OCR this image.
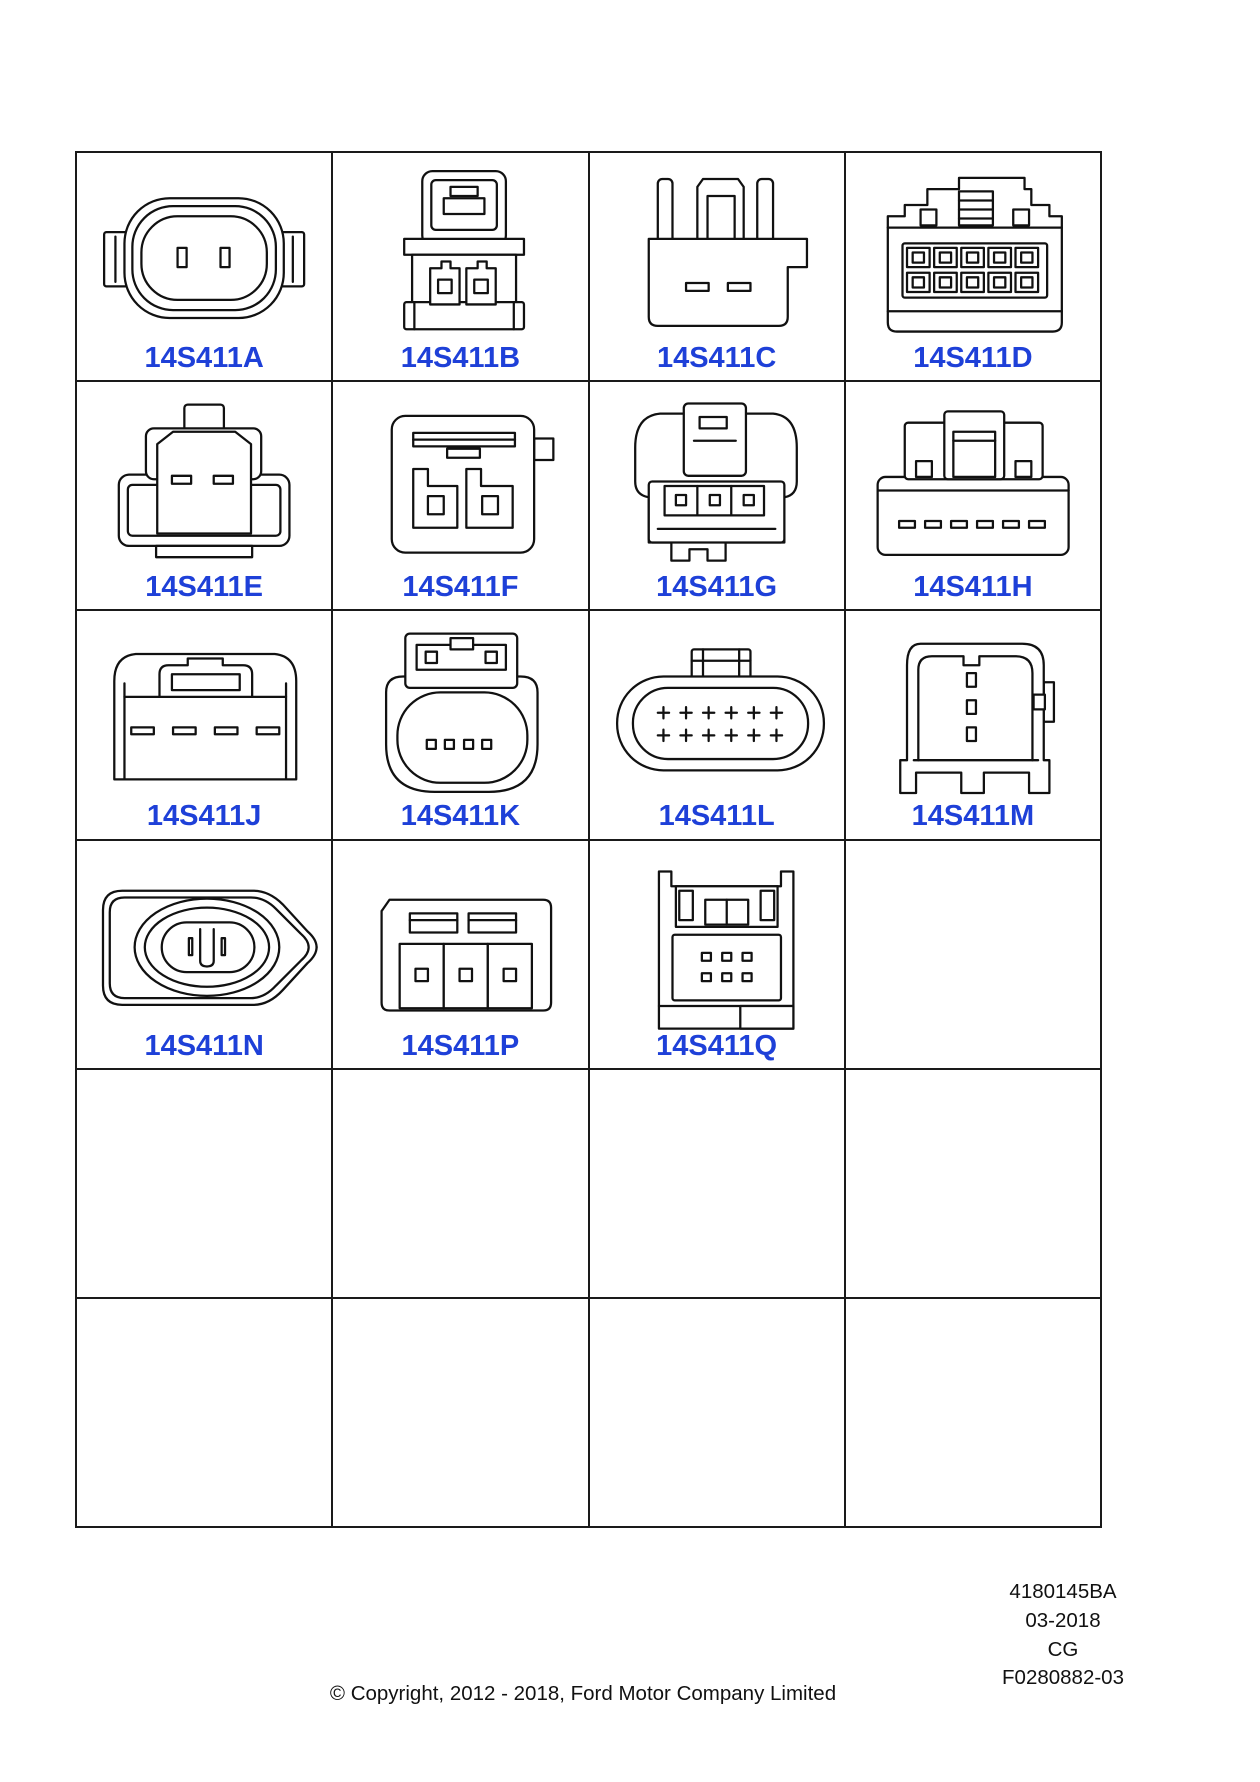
14S411A	14S411B	14S411C	14S411D
14S411E	14S411F	14S411G	14S411H
14S411J	14S411K	14S411L	14S411M
14S411N	14S411P	14S411Q
4180145BA
03-2018
CG
F0280882-03
© Copyright, 2012 - 2018, Ford Motor Company Limited
